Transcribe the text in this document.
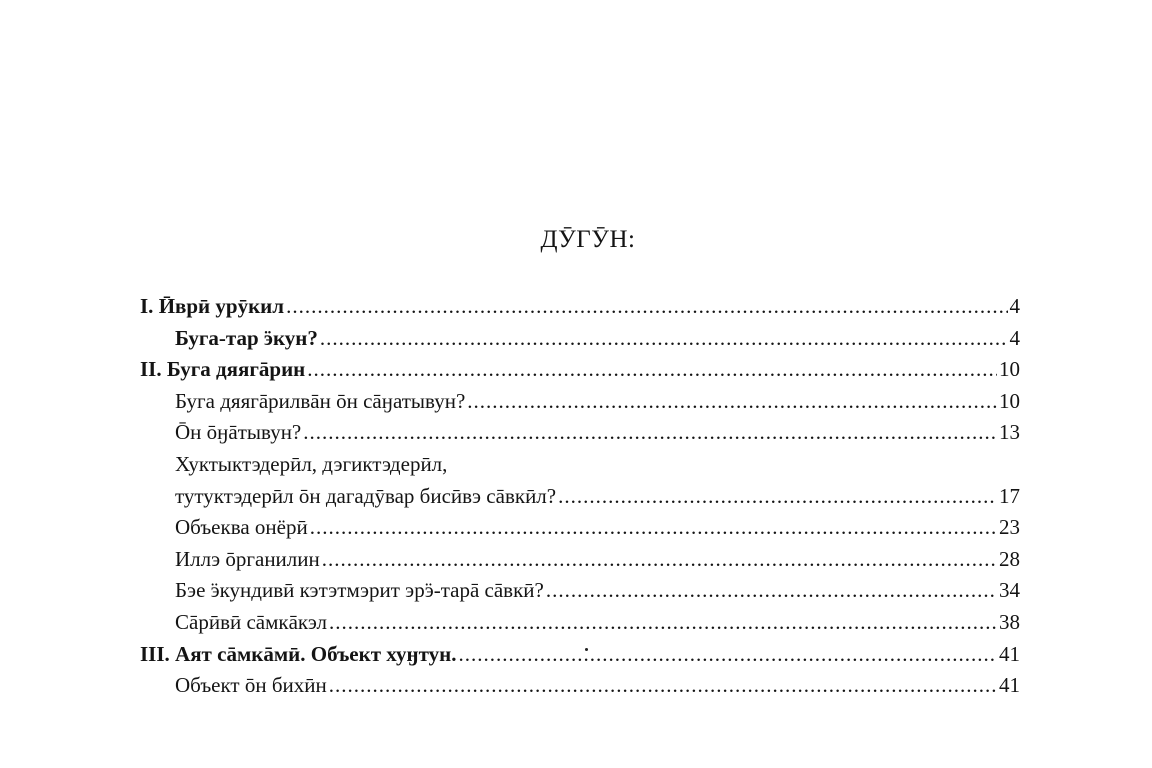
ДӮГӮН:
I. Ӣврӣ урӯкил .....	4
Буга-тар ӭкун? .....	4
II. Буга дяягāрин .....	10
Буга дяягāрилвāн ōн сāӈатывун? .....	10
Ōн ōӈāтывун? .....	13
Хуктыктэдерӣл, дэгиктэдерӣл,
тутуктэдерӣл ōн дагадӯвар бисӣвэ сāвкӣл? .....	17
Объеква онёрӣ .....	23
Иллэ ōрганилин .....	28
Бэе ӭкундивӣ кэтэтмэрит эрӭ-тарā сāвкӣ? .....	34
Сāрӣвӣ сāмкāкэл .....	38
III. Аят сāмкāмӣ. Объект хуӈтун. .....	41
Объект ōн бихӣн .....	41
